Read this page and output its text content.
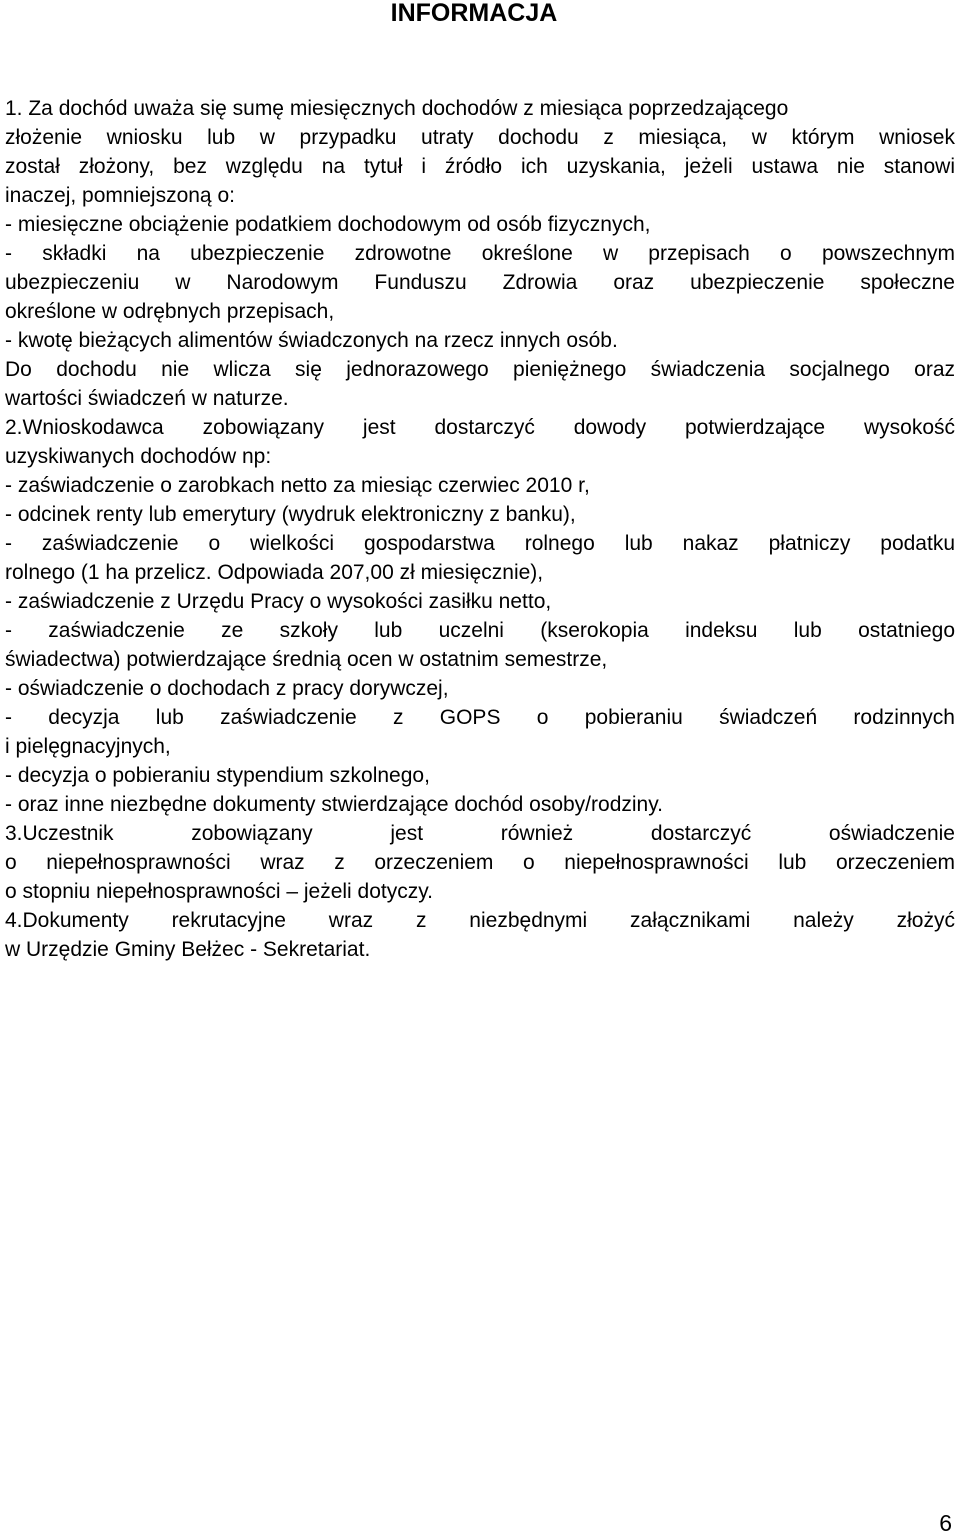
INFORMACJA
1. Za dochód uważa się sumę miesięcznych dochodów z miesiąca poprzedzającego
złożenie wniosku lub w przypadku utraty dochodu z miesiąca, w którym wniosek
został złożony, bez względu na tytuł i źródło ich uzyskania, jeżeli ustawa nie stanowi
inaczej, pomniejszoną o:
- miesięczne obciążenie podatkiem dochodowym od osób fizycznych,
- składki na ubezpieczenie zdrowotne określone w przepisach o powszechnym
ubezpieczeniu w Narodowym Funduszu Zdrowia oraz ubezpieczenie społeczne
określone w odrębnych przepisach,
- kwotę bieżących alimentów świadczonych na rzecz innych osób.
Do dochodu nie wlicza się jednorazowego pieniężnego świadczenia socjalnego oraz
wartości świadczeń w naturze.
2.Wnioskodawca zobowiązany jest dostarczyć dowody potwierdzające wysokość
uzyskiwanych dochodów np:
- zaświadczenie o zarobkach netto za miesiąc czerwiec 2010 r,
- odcinek renty lub emerytury (wydruk elektroniczny z banku),
- zaświadczenie o wielkości gospodarstwa rolnego lub nakaz płatniczy podatku
rolnego (1 ha przelicz. Odpowiada 207,00 zł miesięcznie),
- zaświadczenie z Urzędu Pracy o wysokości zasiłku netto,
- zaświadczenie ze szkoły lub uczelni (kserokopia indeksu lub ostatniego
świadectwa) potwierdzające średnią ocen w ostatnim semestrze,
- oświadczenie o dochodach z pracy dorywczej,
- decyzja lub zaświadczenie z GOPS o pobieraniu świadczeń rodzinnych
i pielęgnacyjnych,
- decyzja o pobieraniu stypendium szkolnego,
- oraz inne niezbędne dokumenty stwierdzające dochód osoby/rodziny.
3.Uczestnik zobowiązany jest również dostarczyć oświadczenie
o niepełnosprawności wraz z orzeczeniem o niepełnosprawności lub orzeczeniem
o stopniu niepełnosprawności – jeżeli dotyczy.
4.Dokumenty rekrutacyjne wraz z niezbędnymi załącznikami należy złożyć
w Urzędzie Gminy Bełżec - Sekretariat.
6
